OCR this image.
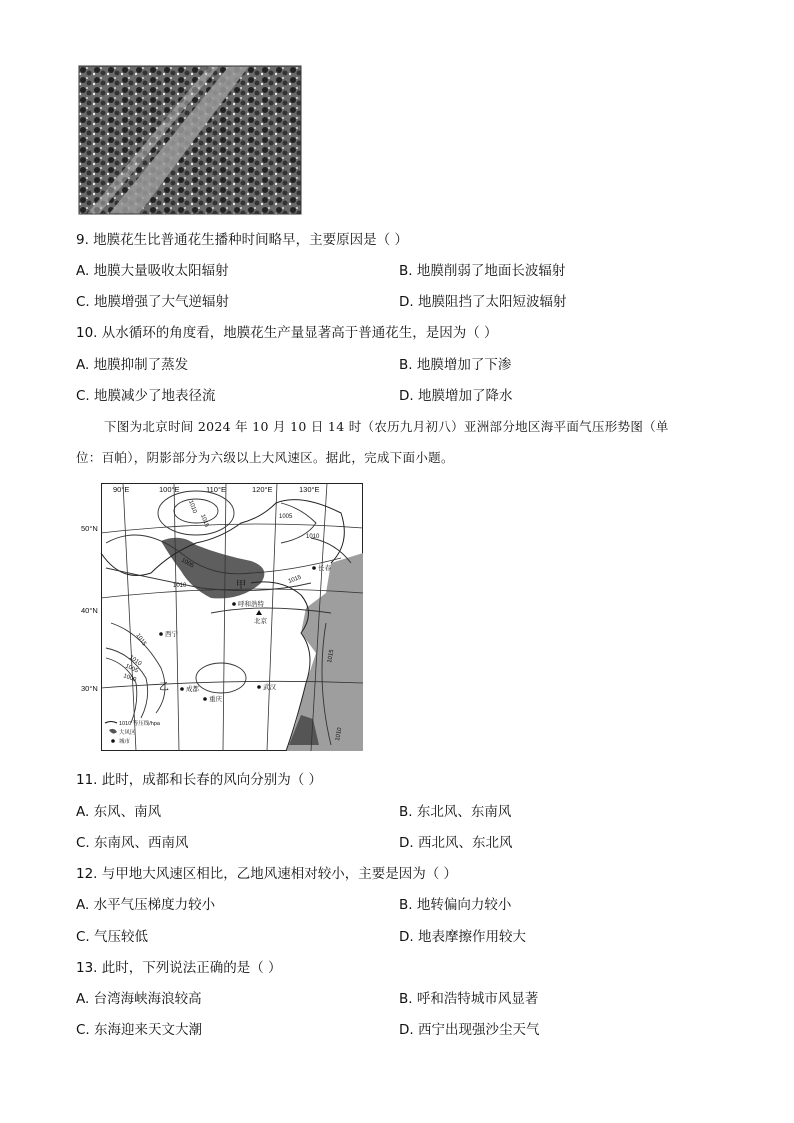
9. 地膜花生比普通花生播种时间略早，主要原因是（ ）
A. 地膜大量吸收太阳辐射	B. 地膜削弱了地面长波辐射
C. 地膜增强了大气逆辐射	D. 地膜阻挡了太阳短波辐射
10. 从水循环的角度看，地膜花生产量显著高于普通花生，是因为（ ）
A. 地膜抑制了蒸发	B. 地膜增加了下渗
C. 地膜减少了地表径流	D. 地膜增加了降水
下图为北京时间 2024 年 10 月 10 日 14 时（农历九月初八）亚洲部分地区海平面气压形势图（单
位：百帕），阴影部分为六级以上大风速区。据此，完成下面小题。
90°E	100°E	110°E	120°E	130°E
50°N
40°N
30°N
1015
1010
1005
1005
1010
1015
1015
1010
1005
1000
1010
1015
1010
甲
乙
长春
呼和浩特
北京
西宁
成都
重庆
武汉
1010 等压线/hpa
大风区
城市
11. 此时，成都和长春的风向分别为（ ）
A. 东风、南风	B. 东北风、东南风
C. 东南风、西南风	D. 西北风、东北风
12. 与甲地大风速区相比，乙地风速相对较小，主要是因为（ ）
A. 水平气压梯度力较小	B. 地转偏向力较小
C. 气压较低	D. 地表摩擦作用较大
13. 此时，下列说法正确的是（ ）
A. 台湾海峡海浪较高	B. 呼和浩特城市风显著
C. 东海迎来天文大潮	D. 西宁出现强沙尘天气
